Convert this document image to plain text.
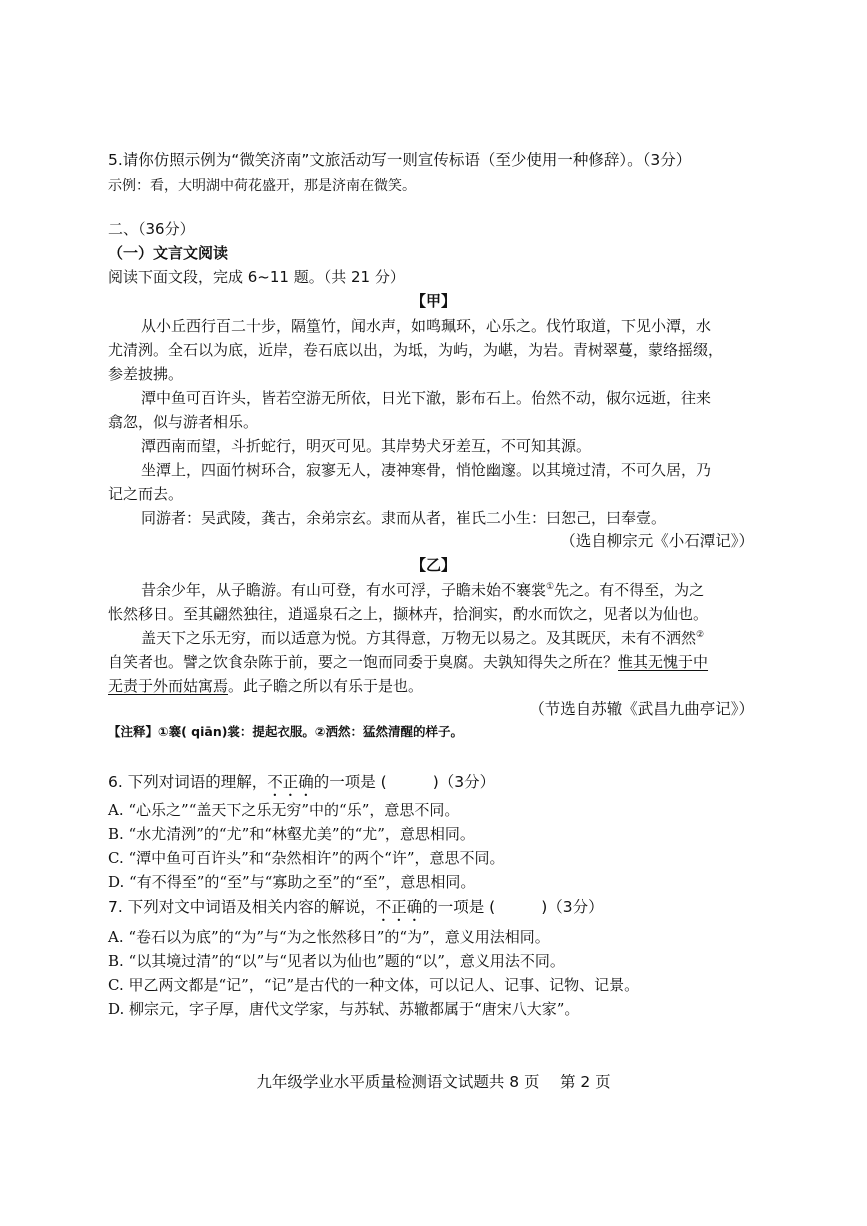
5.请你仿照示例为“微笑济南”文旅活动写一则宣传标语（至少使用一种修辞）。（3分）
示例：看，大明湖中荷花盛开，那是济南在微笑。
二、（36分）
（一）文言文阅读
阅读下面文段，完成 6~11 题。（共 21 分）
【甲】
从小丘西行百二十步，隔篁竹，闻水声，如鸣珮环，心乐之。伐竹取道，下见小潭，水
尤清洌。全石以为底，近岸，卷石底以出，为坻，为屿，为嵁，为岩。青树翠蔓，蒙络摇缀，
参差披拂。
潭中鱼可百许头，皆若空游无所依，日光下澈，影布石上。佁然不动，俶尔远逝，往来
翕忽，似与游者相乐。
潭西南而望，斗折蛇行，明灭可见。其岸势犬牙差互，不可知其源。
坐潭上，四面竹树环合，寂寥无人，凄神寒骨，悄怆幽邃。以其境过清，不可久居，乃
记之而去。
同游者：吴武陵，龚古，余弟宗玄。隶而从者，崔氏二小生：曰恕己，曰奉壹。
（选自柳宗元《小石潭记》）
【乙】
昔余少年，从子瞻游。有山可登，有水可浮，子瞻未始不褰裳①先之。有不得至，为之
怅然移日。至其翩然独往，逍遥泉石之上，撷林卉，拾涧实，酌水而饮之，见者以为仙也。
盖天下之乐无穷，而以适意为悦。方其得意，万物无以易之。及其既厌，未有不洒然②
自笑者也。譬之饮食杂陈于前，要之一饱而同委于臭腐。夫孰知得失之所在？惟其无愧于中
无责于外而姑寓焉。此子瞻之所以有乐于是也。
（节选自苏辙《武昌九曲亭记》）
【注释】①褰( qiān)裳：提起衣服。②洒然：猛然清醒的样子。
6. 下列对词语的理解，不正确的一项是 (	)（3分）
A. “心乐之”“盖天下之乐无穷”中的“乐”，意思不同。
B. “水尤清洌”的“尤”和“林壑尤美”的“尤”，意思相同。
C. “潭中鱼可百许头”和“杂然相许”的两个“许”，意思不同。
D. “有不得至”的“至”与“寡助之至”的“至”，意思相同。
7. 下列对文中词语及相关内容的解说，不正确的一项是 (	)（3分）
A. “卷石以为底”的“为”与“为之怅然移日”的“为”，意义用法相同。
B. “以其境过清”的“以”与“见者以为仙也”题的“以”，意义用法不同。
C. 甲乙两文都是“记”，“记”是古代的一种文体，可以记人、记事、记物、记景。
D. 柳宗元，字子厚，唐代文学家，与苏轼、苏辙都属于“唐宋八大家”。
九年级学业水平质量检测语文试题共 8 页　 第 2 页
